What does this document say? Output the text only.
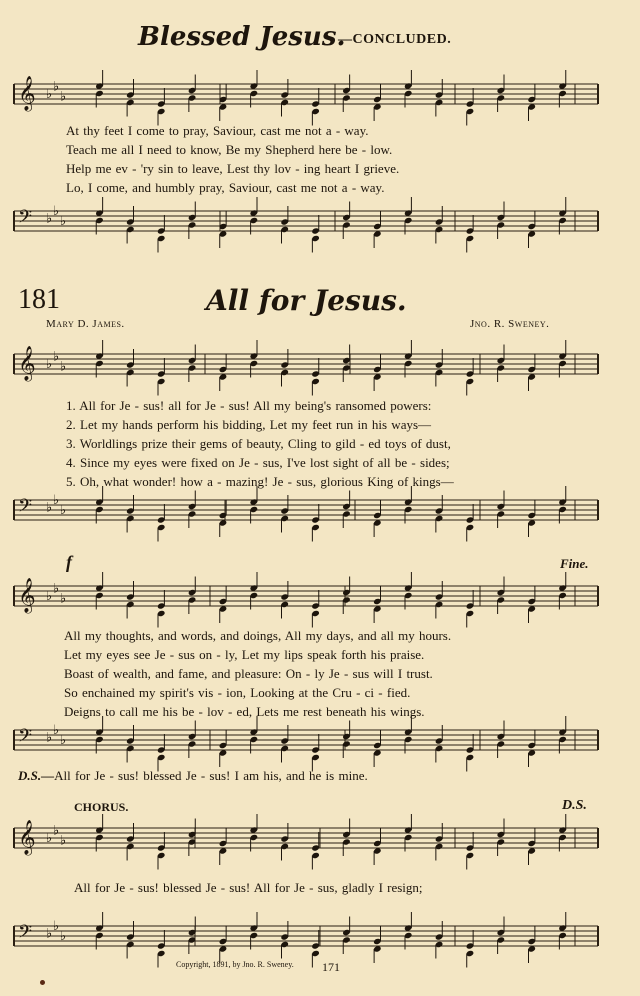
Blessed Jesus.
—CONCLUDED.
𝄞 ♭ ♭
♭
At thy feet I come to pray, Saviour, cast me not a - way.
Teach me all I need to know, Be my Shepherd here be - low.
Help me ev - 'ry sin to leave, Lest thy lov - ing heart I grieve.
Lo, I come, and humbly pray, Saviour, cast me not a - way.
𝄢 ♭ ♭
♭
181	All for Jesus.
Mary D. James.	Jno. R. Sweney.
𝄞 ♭ ♭
♭
1. All for Je - sus! all for Je - sus! All my being's ransomed powers:
2. Let my hands perform his bidding, Let my feet run in his ways—
3. Worldlings prize their gems of beauty, Cling to gild - ed toys of dust,
4. Since my eyes were fixed on Je - sus, I've lost sight of all be - sides;
5. Oh, what wonder! how a - mazing! Je - sus, glorious King of kings—
𝄢 ♭ ♭
♭
f	Fine.
𝄞 ♭ ♭
♭
All my thoughts, and words, and doings, All my days, and all my hours.
Let my eyes see Je - sus on - ly, Let my lips speak forth his praise.
Boast of wealth, and fame, and pleasure: On - ly Je - sus will I trust.
So enchained my spirit's vis - ion, Looking at the Cru - ci - fied.
Deigns to call me his be - lov - ed, Lets me rest beneath his wings.
𝄢 ♭ ♭
♭
D.S.—All for Je - sus! blessed Je - sus! I am his, and he is mine.
CHORUS.	D.S.
𝄞 ♭ ♭
♭
All for Je - sus! blessed Je - sus! All for Je - sus, gladly I resign;
𝄢 ♭ ♭
♭
Copyright, 1891, by Jno. R. Sweney. 171
